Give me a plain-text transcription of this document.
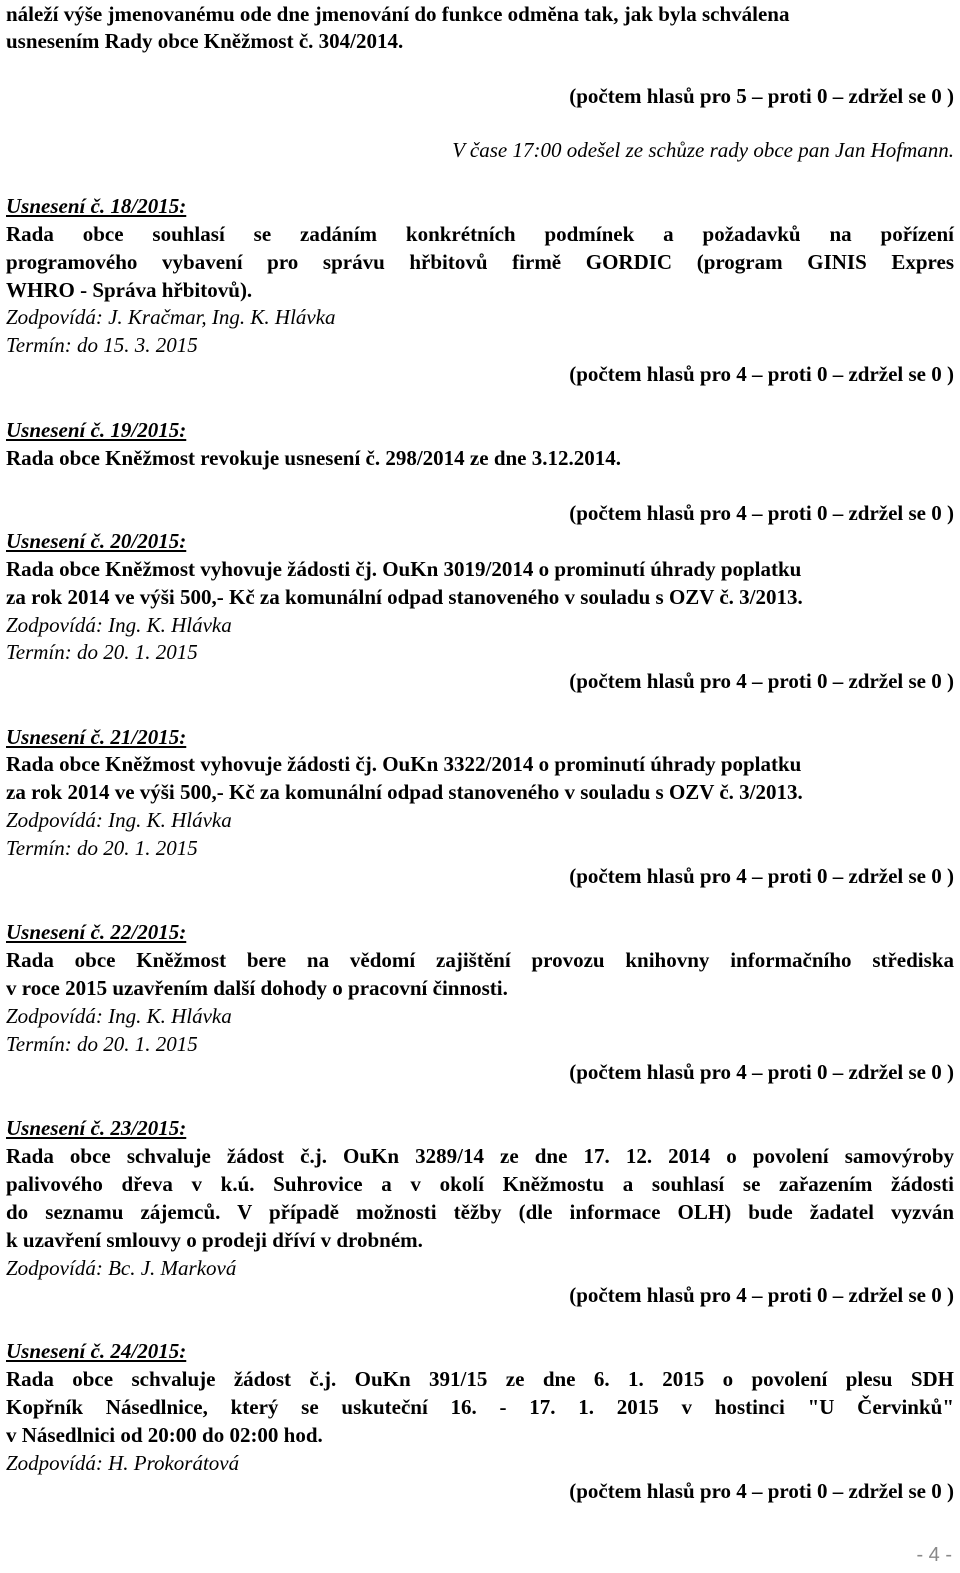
náleží výše jmenovanému ode dne jmenování do funkce odměna tak, jak byla schválena
usnesením Rady obce Kněžmost č. 304/2014.
(počtem hlasů pro 5 – proti 0 – zdržel se 0 )
V čase 17:00 odešel ze schůze rady obce pan Jan Hofmann.
Usnesení č. 18/2015:
Rada obce souhlasí se zadáním konkrétních podmínek a požadavků na pořízení
programového vybavení pro správu hřbitovů firmě GORDIC (program GINIS Expres
WHRO - Správa hřbitovů).
Zodpovídá: J. Kračmar, Ing. K. Hlávka
Termín: do 15. 3. 2015
(počtem hlasů pro 4 – proti 0 – zdržel se 0 )
Usnesení č. 19/2015:
Rada obce Kněžmost revokuje usnesení č. 298/2014 ze dne 3.12.2014.
(počtem hlasů pro 4 – proti 0 – zdržel se 0 )
Usnesení č. 20/2015:
Rada obce Kněžmost vyhovuje žádosti čj. OuKn 3019/2014 o prominutí úhrady poplatku
za rok 2014 ve výši 500,- Kč za komunální odpad stanoveného v souladu s OZV č. 3/2013.
Zodpovídá: Ing. K. Hlávka
Termín: do 20. 1. 2015
(počtem hlasů pro 4 – proti 0 – zdržel se 0 )
Usnesení č. 21/2015:
Rada obce Kněžmost vyhovuje žádosti čj. OuKn 3322/2014 o prominutí úhrady poplatku
za rok 2014 ve výši 500,- Kč za komunální odpad stanoveného v souladu s OZV č. 3/2013.
Zodpovídá: Ing. K. Hlávka
Termín: do 20. 1. 2015
(počtem hlasů pro 4 – proti 0 – zdržel se 0 )
Usnesení č. 22/2015:
Rada obce Kněžmost bere na vědomí zajištění provozu knihovny informačního střediska
v roce 2015 uzavřením další dohody o pracovní činnosti.
Zodpovídá: Ing. K. Hlávka
Termín: do 20. 1. 2015
(počtem hlasů pro 4 – proti 0 – zdržel se 0 )
Usnesení č. 23/2015:
Rada obce schvaluje žádost č.j. OuKn 3289/14 ze dne 17. 12. 2014 o povolení samovýroby
palivového dřeva v k.ú. Suhrovice a v okolí Kněžmostu a souhlasí se zařazením žádosti
do seznamu zájemců. V případě možnosti těžby (dle informace OLH) bude žadatel vyzván
k uzavření smlouvy o prodeji dříví v drobném.
Zodpovídá: Bc. J. Marková
(počtem hlasů pro 4 – proti 0 – zdržel se 0 )
Usnesení č. 24/2015:
Rada obce schvaluje žádost č.j. OuKn 391/15 ze dne 6. 1. 2015 o povolení plesu SDH
Kopřník Násedlnice, který se uskuteční 16. - 17. 1. 2015 v hostinci "U Červinků"
v Násedlnici od 20:00 do 02:00 hod.
Zodpovídá: H. Prokorátová
(počtem hlasů pro 4 – proti 0 – zdržel se 0 )
- 4 -
